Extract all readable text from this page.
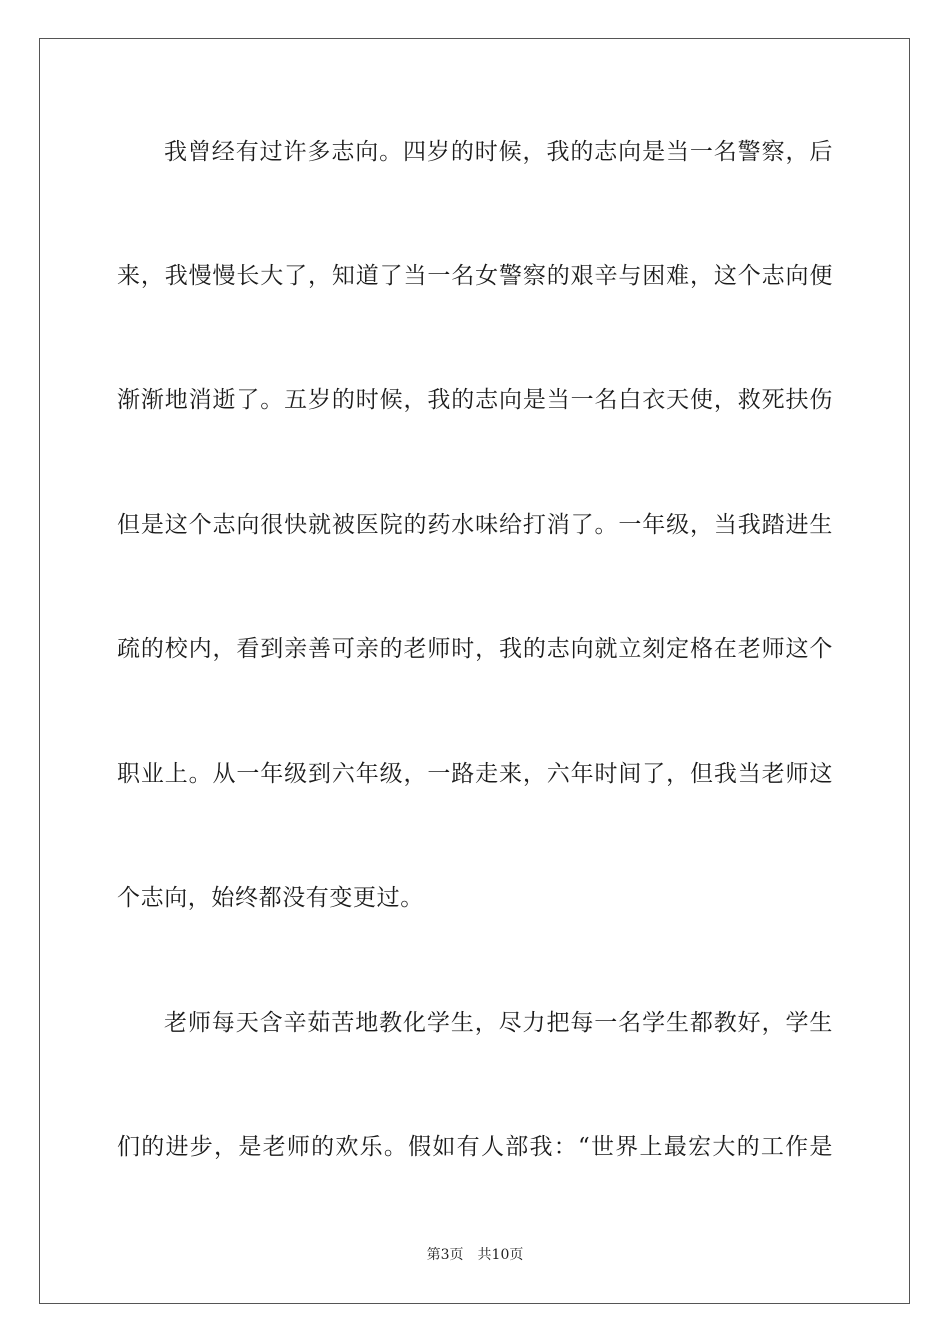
我曾经有过许多志向。四岁的时候，我的志向是当一名警察，后
来，我慢慢长大了，知道了当一名女警察的艰辛与困难，这个志向便
渐渐地消逝了。五岁的时候，我的志向是当一名白衣天使，救死扶伤
但是这个志向很快就被医院的药水味给打消了。一年级，当我踏进生
疏的校内，看到亲善可亲的老师时，我的志向就立刻定格在老师这个
职业上。从一年级到六年级，一路走来，六年时间了，但我当老师这
个志向，始终都没有变更过。
老师每天含辛茹苦地教化学生，尽力把每一名学生都教好，学生
们的进步，是老师的欢乐。假如有人部我：“世界上最宏大的工作是
第3页 共10页
